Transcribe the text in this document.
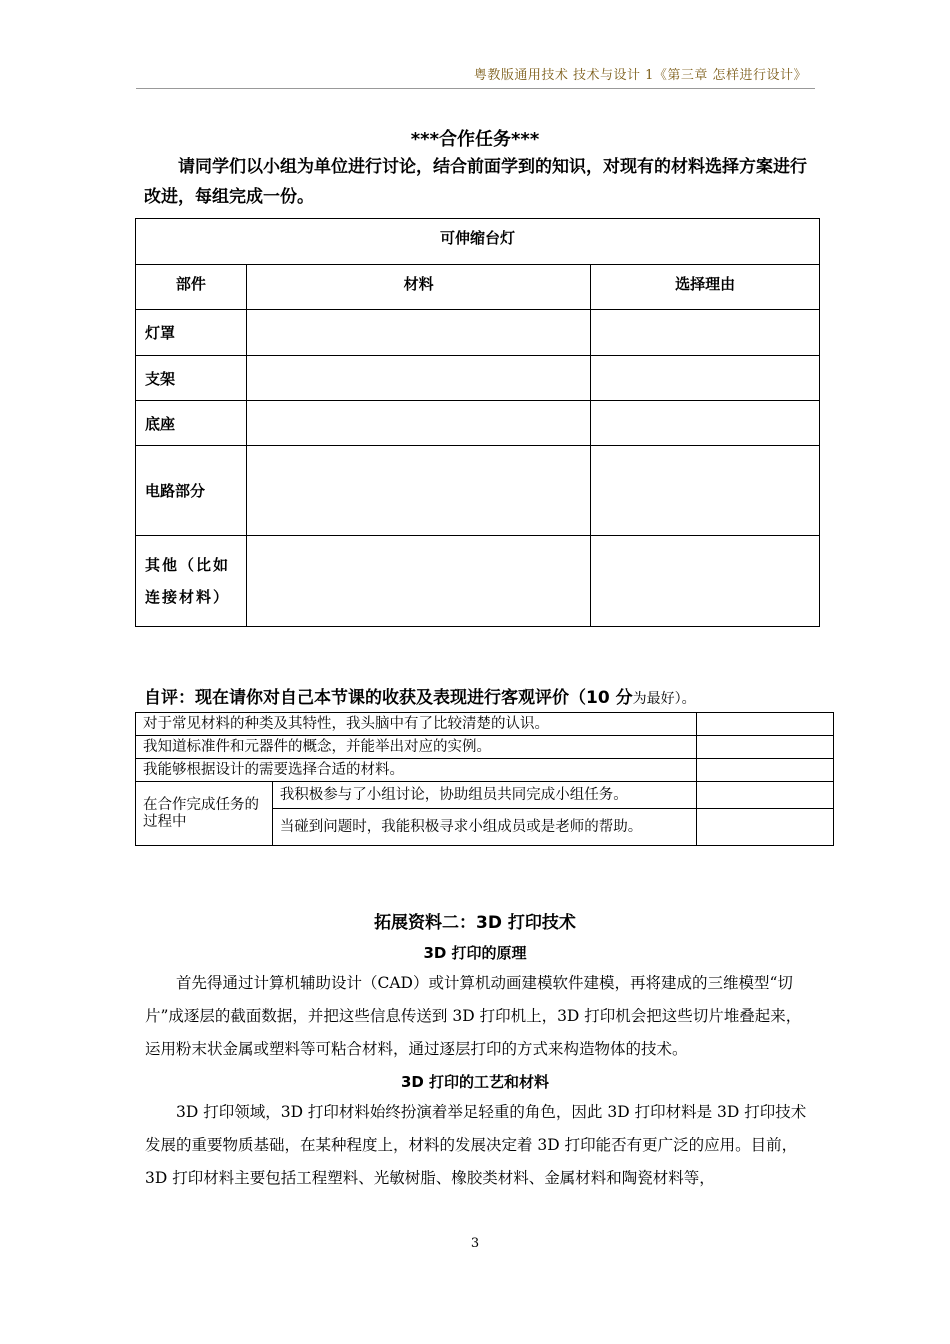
粤教版通用技术 技术与设计 1《第三章 怎样进行设计》
***合作任务***
请同学们以小组为单位进行讨论，结合前面学到的知识，对现有的材料选择方案进行改进，每组完成一份。
可伸缩台灯		
部件	材料	选择理由
灯罩		
支架		
底座		
电路部分		
其他（比如连接材料）		
自评：现在请你对自己本节课的收获及表现进行客观评价（10 分为最好）。
对于常见材料的种类及其特性，我头脑中有了比较清楚的认识。		
我知道标准件和元器件的概念，并能举出对应的实例。		
我能够根据设计的需要选择合适的材料。		
在合作完成任务的过程中	我积极参与了小组讨论，协助组员共同完成小组任务。	
	当碰到问题时，我能积极寻求小组成员或是老师的帮助。	
拓展资料二：3D 打印技术
3D 打印的原理
首先得通过计算机辅助设计（CAD）或计算机动画建模软件建模，再将建成的三维模型“切片”成逐层的截面数据，并把这些信息传送到 3D 打印机上，3D 打印机会把这些切片堆叠起来，运用粉末状金属或塑料等可粘合材料，通过逐层打印的方式来构造物体的技术。
3D 打印的工艺和材料
3D 打印领域，3D 打印材料始终扮演着举足轻重的角色，因此 3D 打印材料是 3D 打印技术发展的重要物质基础，在某种程度上，材料的发展决定着 3D 打印能否有更广泛的应用。目前，3D 打印材料主要包括工程塑料、光敏树脂、橡胶类材料、金属材料和陶瓷材料等，
3
